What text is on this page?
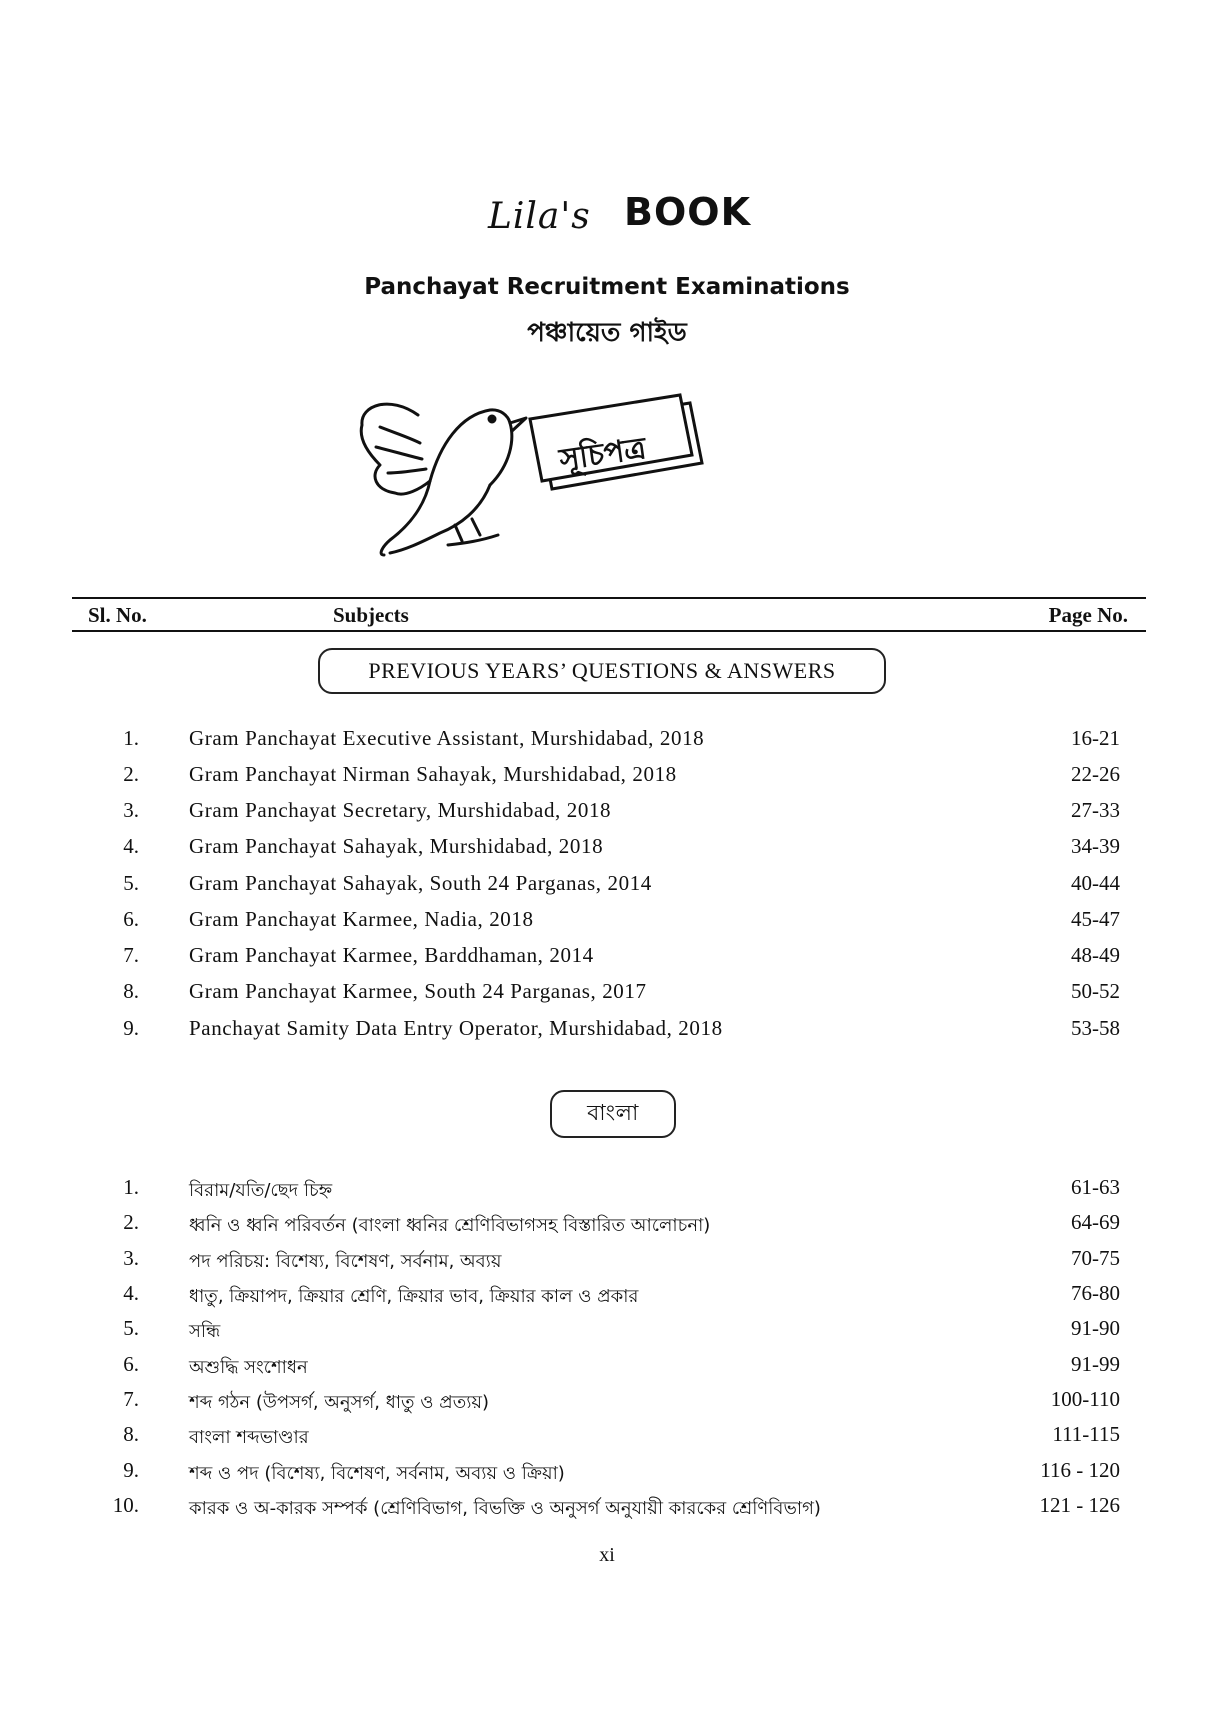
Lila's BOOK
Panchayat Recruitment Examinations
পঞ্চায়েত গাইড
সূচিপত্র
Sl. No.	Subjects	Page No.
PREVIOUS YEARS’ QUESTIONS & ANSWERS
1. Gram Panchayat Executive Assistant, Murshidabad, 2018	16-21
2. Gram Panchayat Nirman Sahayak, Murshidabad, 2018	22-26
3. Gram Panchayat Secretary, Murshidabad, 2018	27-33
4. Gram Panchayat Sahayak, Murshidabad, 2018	34-39
5. Gram Panchayat Sahayak, South 24 Parganas, 2014	40-44
6. Gram Panchayat Karmee, Nadia, 2018	45-47
7. Gram Panchayat Karmee, Barddhaman, 2014	48-49
8. Gram Panchayat Karmee, South 24 Parganas, 2017	50-52
9. Panchayat Samity Data Entry Operator, Murshidabad, 2018	53-58
বাংলা
1.	বিরাম/যতি/ছেদ চিহ্ন	61-63
2.	ধ্বনি ও ধ্বনি পরিবর্তন (বাংলা ধ্বনির শ্রেণিবিভাগসহ বিস্তারিত আলোচনা)	64-69
3.	পদ পরিচয়: বিশেষ্য, বিশেষণ, সর্বনাম, অব্যয়	70-75
4.	ধাতু, ক্রিয়াপদ, ক্রিয়ার শ্রেণি, ক্রিয়ার ভাব, ক্রিয়ার কাল ও প্রকার	76-80
5.	সন্ধি	91-90
6.	অশুদ্ধি সংশোধন	91-99
7.	শব্দ গঠন (উপসর্গ, অনুসর্গ, ধাতু ও প্রত্যয়)	100-110
8.	বাংলা শব্দভাণ্ডার	111-115
9.	শব্দ ও পদ (বিশেষ্য, বিশেষণ, সর্বনাম, অব্যয় ও ক্রিয়া)	116 - 120
10.	কারক ও অ-কারক সম্পর্ক (শ্রেণিবিভাগ, বিভক্তি ও অনুসর্গ অনুযায়ী কারকের শ্রেণিবিভাগ)	121 - 126
xi
